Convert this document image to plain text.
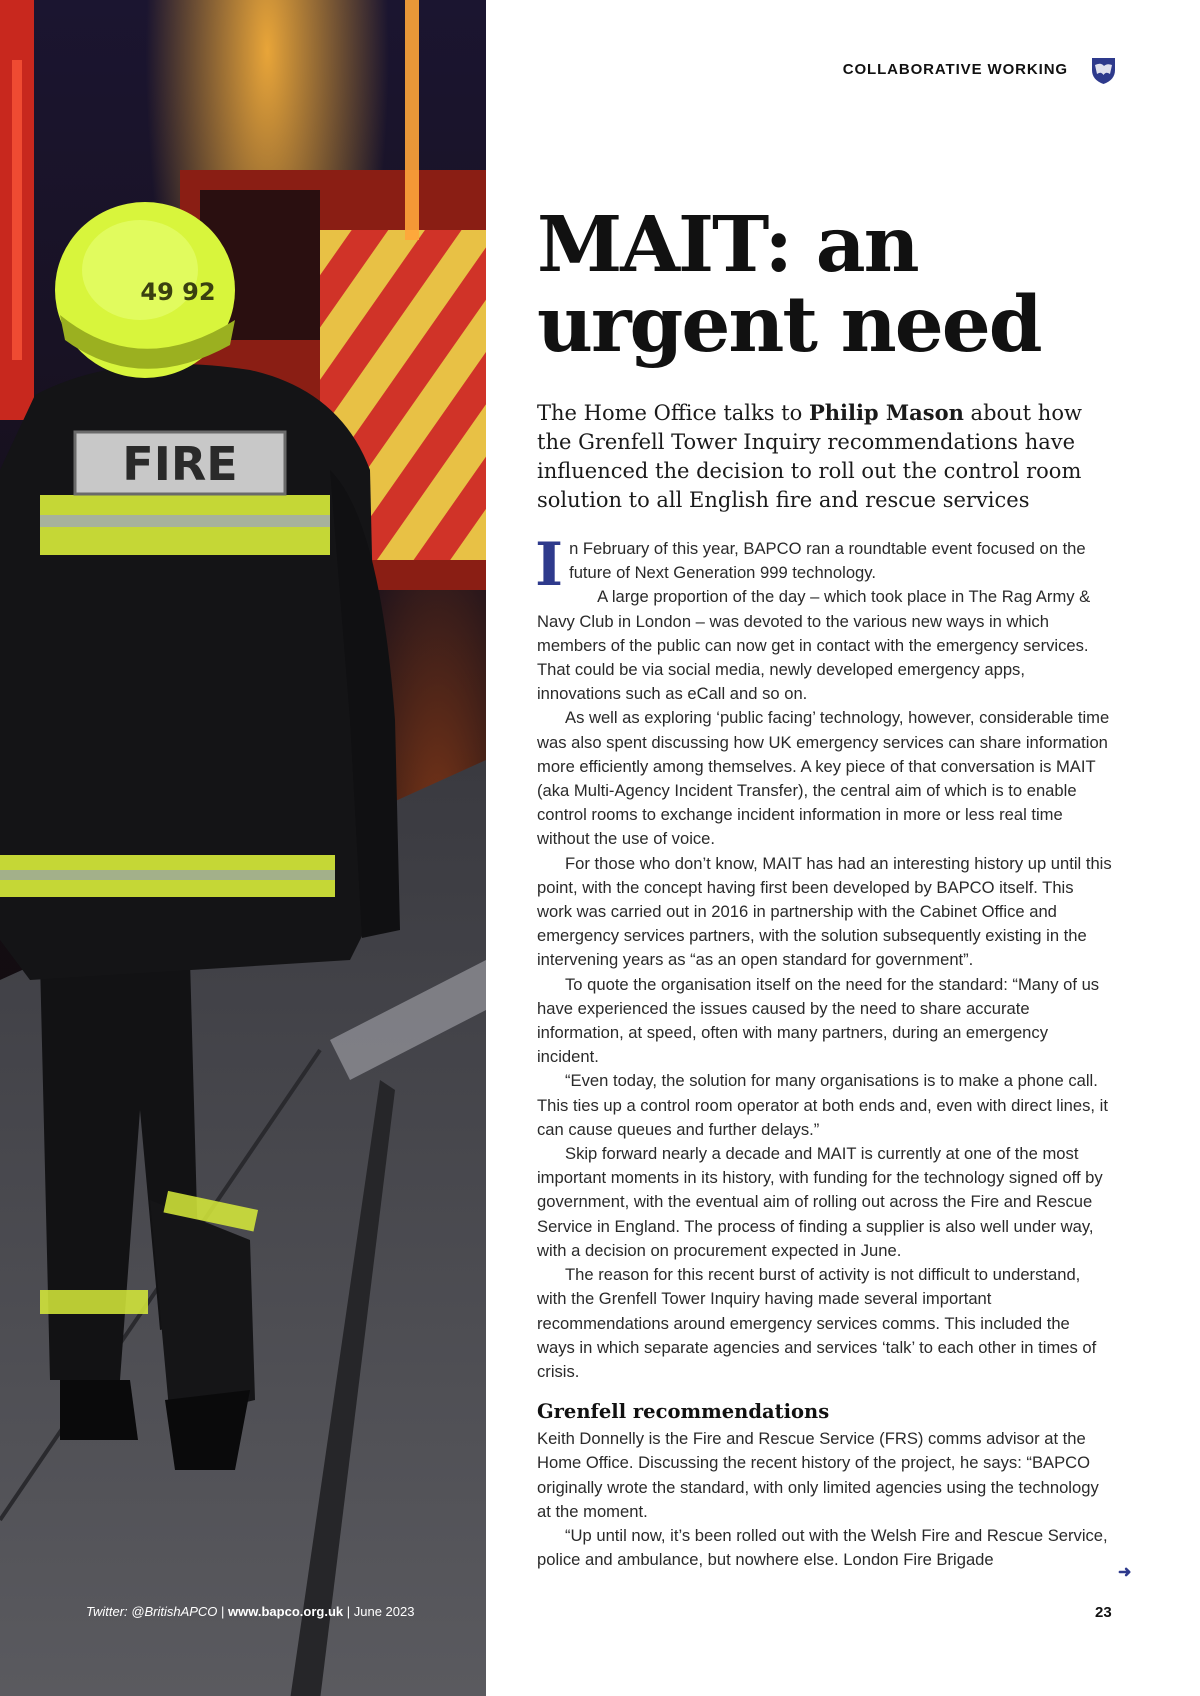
FIRE
49 92
Twitter: @BritishAPCO | www.bapco.org.uk | June 2023
COLLABORATIVE WORKING
MAIT: an
urgent need

The Home Office talks to Philip Mason about how the Grenfell Tower Inquiry recommendations have influenced the decision to roll out the control room solution to all English fire and rescue services

In February of this year, BAPCO ran a roundtable event focused on the future of Next Generation 999 technology.

A large proportion of the day – which took place in The Rag Army & Navy Club in London – was devoted to the various new ways in which members of the public can now get in contact with the emergency services. That could be via social media, newly developed emergency apps, innovations such as eCall and so on.

As well as exploring ‘public facing’ technology, however, considerable time was also spent discussing how UK emergency services can share information more efficiently among themselves. A key piece of that conversation is MAIT (aka Multi-Agency Incident Transfer), the central aim of which is to enable control rooms to exchange incident information in more or less real time without the use of voice.

For those who don’t know, MAIT has had an interesting history up until this point, with the concept having first been developed by BAPCO itself. This work was carried out in 2016 in partnership with the Cabinet Office and emergency services partners, with the solution subsequently existing in the intervening years as “as an open standard for government”.

To quote the organisation itself on the need for the standard: “Many of us have experienced the issues caused by the need to share accurate information, at speed, often with many partners, during an emergency incident.

“Even today, the solution for many organisations is to make a phone call. This ties up a control room operator at both ends and, even with direct lines, it can cause queues and further delays.”

Skip forward nearly a decade and MAIT is currently at one of the most important moments in its history, with funding for the technology signed off by government, with the eventual aim of rolling out across the Fire and Rescue Service in England. The process of finding a supplier is also well under way, with a decision on procurement expected in June.

The reason for this recent burst of activity is not difficult to understand, with the Grenfell Tower Inquiry having made several important recommendations around emergency services comms. This included the ways in which separate agencies and services ‘talk’ to each other in times of crisis.

Grenfell recommendations

Keith Donnelly is the Fire and Rescue Service (FRS) comms advisor at the Home Office. Discussing the recent history of the project, he says: “BAPCO originally wrote the standard, with only limited agencies using the technology at the moment.

“Up until now, it’s been rolled out with the Welsh Fire and Rescue Service, police and ambulance, but nowhere else. London Fire Brigade

➜
23
